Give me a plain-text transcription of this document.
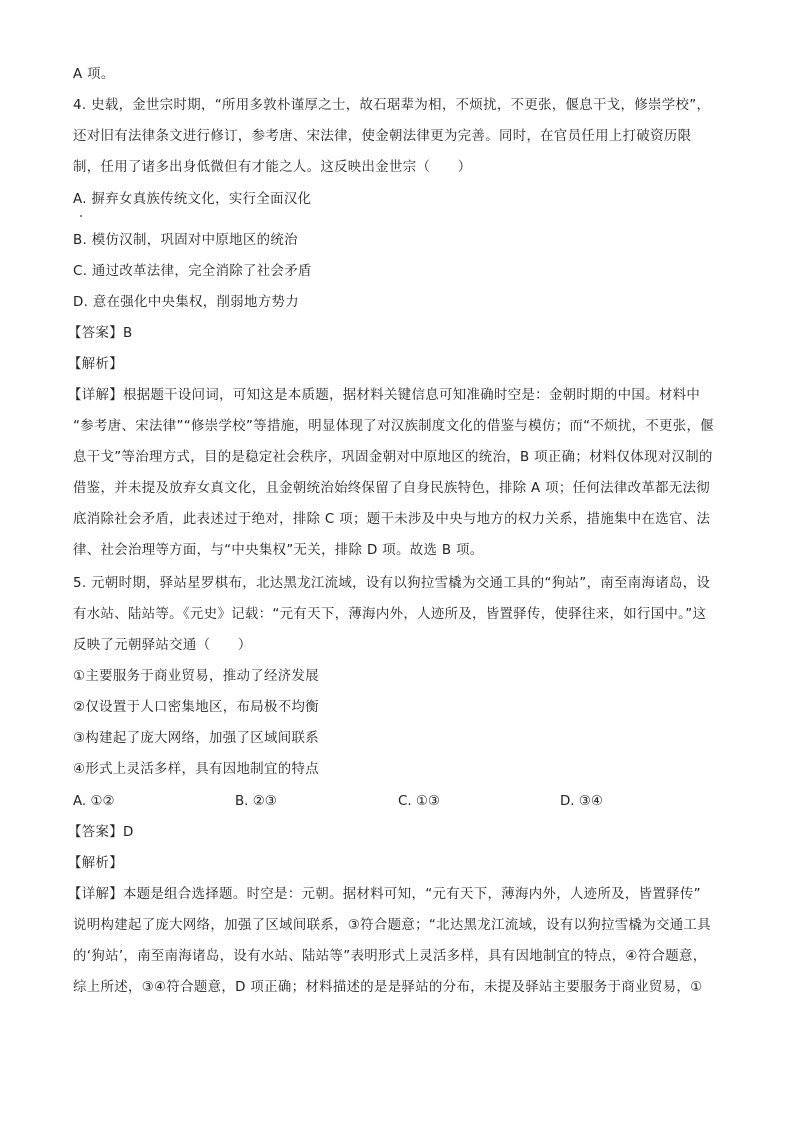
A 项。
4. 史载，金世宗时期，“所用多敦朴谨厚之士，故石琚辈为相，不烦扰，不更张，偃息干戈，修崇学校”，
还对旧有法律条文进行修订，参考唐、宋法律，使金朝法律更为完善。同时，在官员任用上打破资历限
制，任用了诸多出身低微但有才能之人。这反映出金世宗（　　）
A. 摒弃女真族传统文化，实行全面汉化
B. 模仿汉制，巩固对中原地区的统治
C. 通过改革法律，完全消除了社会矛盾
D. 意在强化中央集权，削弱地方势力
【答案】B
【解析】
【详解】根据题干设问词，可知这是本质题，据材料关键信息可知准确时空是：金朝时期的中国。材料中
“参考唐、宋法律”“修崇学校”等措施，明显体现了对汉族制度文化的借鉴与模仿；而“不烦扰，不更张，偃
息干戈”等治理方式，目的是稳定社会秩序，巩固金朝对中原地区的统治，B 项正确；材料仅体现对汉制的
借鉴，并未提及放弃女真文化，且金朝统治始终保留了自身民族特色，排除 A 项；任何法律改革都无法彻
底消除社会矛盾，此表述过于绝对，排除 C 项；题干未涉及中央与地方的权力关系，措施集中在选官、法
律、社会治理等方面，与“中央集权”无关，排除 D 项。故选 B 项。
5. 元朝时期，驿站星罗棋布，北达黑龙江流域，设有以狗拉雪橇为交通工具的“狗站”，南至南海诸岛，设
有水站、陆站等。《元史》记载：“元有天下，薄海内外，人迹所及，皆置驿传，使驿往来，如行国中。”这
反映了元朝驿站交通（　　）
①主要服务于商业贸易，推动了经济发展
②仅设置于人口密集地区，布局极不均衡
③构建起了庞大网络，加强了区域间联系
④形式上灵活多样，具有因地制宜的特点
A. ①②	B. ②③	C. ①③	D. ③④
【答案】D
【解析】
【详解】本题是组合选择题。时空是：元朝。据材料可知，“元有天下，薄海内外，人迹所及，皆置驿传”
说明构建起了庞大网络，加强了区域间联系，③符合题意；“北达黑龙江流域，设有以狗拉雪橇为交通工具
的‘狗站’，南至南海诸岛，设有水站、陆站等”表明形式上灵活多样，具有因地制宜的特点，④符合题意，
综上所述，③④符合题意，D 项正确；材料描述的是是驿站的分布，未提及驿站主要服务于商业贸易，①
